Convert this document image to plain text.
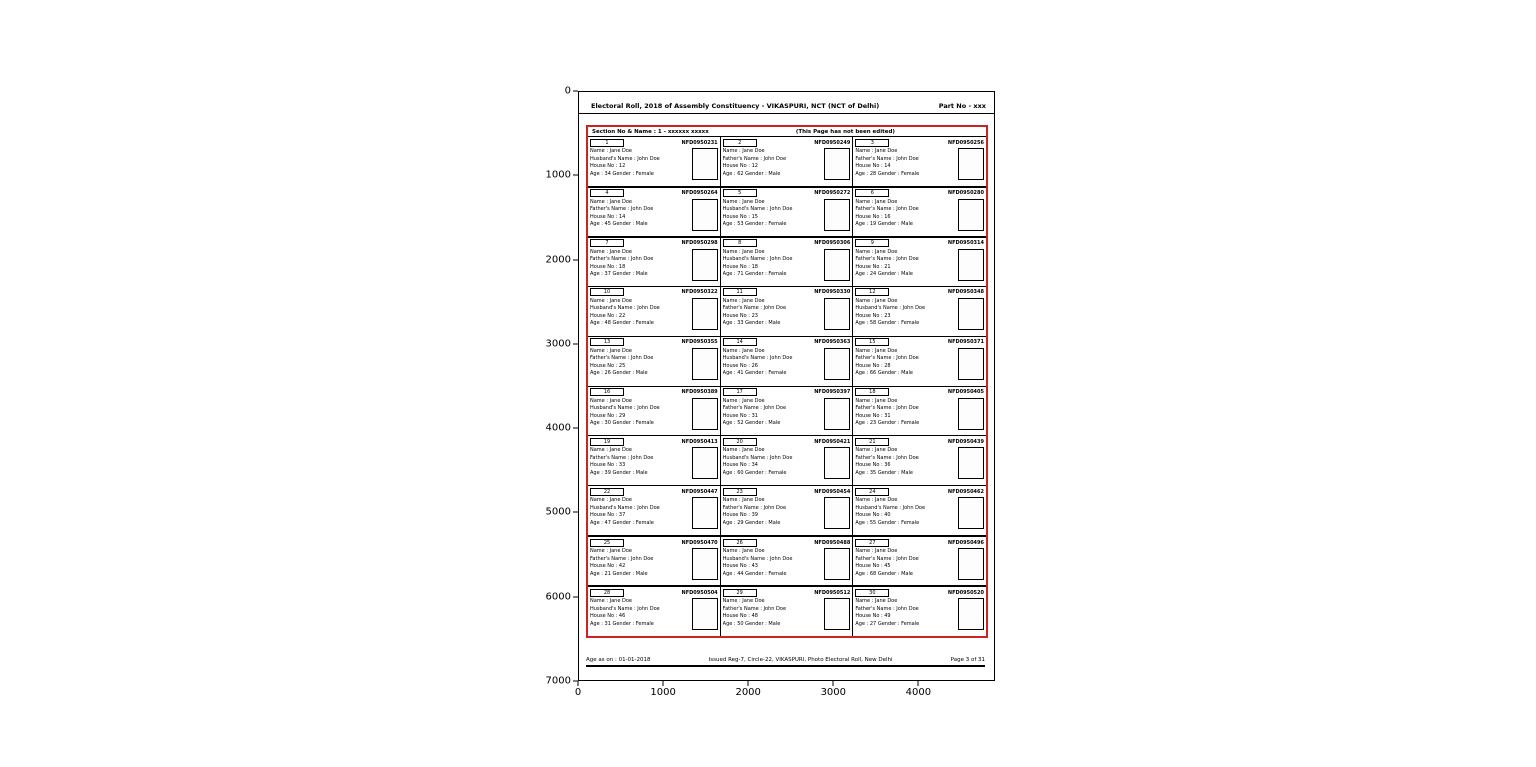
Electoral Roll, 2018 of Assembly Constituency - VIKASPURI, NCT (NCT of Delhi)	Part No - xxx
Section No & Name : 1 - xxxxxx xxxxx	(This Page has not been edited)
1	NFD0950231
Name : Jane Doe
Husband's Name : John Doe
House No : 12
Age : 34 Gender : Female
2	NFD0950249
Name : Jane Doe
Father's Name : John Doe
House No : 12
Age : 62 Gender : Male
3	NFD0950256
Name : Jane Doe
Father's Name : John Doe
House No : 14
Age : 28 Gender : Female
4	NFD0950264
Name : Jane Doe
Father's Name : John Doe
House No : 14
Age : 45 Gender : Male
5	NFD0950272
Name : Jane Doe
Husband's Name : John Doe
House No : 15
Age : 53 Gender : Female
6	NFD0950280
Name : Jane Doe
Father's Name : John Doe
House No : 16
Age : 19 Gender : Male
7	NFD0950298
Name : Jane Doe
Father's Name : John Doe
House No : 18
Age : 37 Gender : Male
8	NFD0950306
Name : Jane Doe
Husband's Name : John Doe
House No : 18
Age : 71 Gender : Female
9	NFD0950314
Name : Jane Doe
Father's Name : John Doe
House No : 21
Age : 24 Gender : Male
10	NFD0950322
Name : Jane Doe
Husband's Name : John Doe
House No : 22
Age : 48 Gender : Female
11	NFD0950330
Name : Jane Doe
Father's Name : John Doe
House No : 23
Age : 33 Gender : Male
12	NFD0950348
Name : Jane Doe
Husband's Name : John Doe
House No : 23
Age : 58 Gender : Female
13	NFD0950355
Name : Jane Doe
Father's Name : John Doe
House No : 25
Age : 26 Gender : Male
14	NFD0950363
Name : Jane Doe
Husband's Name : John Doe
House No : 26
Age : 41 Gender : Female
15	NFD0950371
Name : Jane Doe
Father's Name : John Doe
House No : 28
Age : 66 Gender : Male
16	NFD0950389
Name : Jane Doe
Husband's Name : John Doe
House No : 29
Age : 30 Gender : Female
17	NFD0950397
Name : Jane Doe
Father's Name : John Doe
House No : 31
Age : 52 Gender : Male
18	NFD0950405
Name : Jane Doe
Father's Name : John Doe
House No : 31
Age : 23 Gender : Female
19	NFD0950413
Name : Jane Doe
Father's Name : John Doe
House No : 33
Age : 39 Gender : Male
20	NFD0950421
Name : Jane Doe
Husband's Name : John Doe
House No : 34
Age : 60 Gender : Female
21	NFD0950439
Name : Jane Doe
Father's Name : John Doe
House No : 36
Age : 35 Gender : Male
22	NFD0950447
Name : Jane Doe
Husband's Name : John Doe
House No : 37
Age : 47 Gender : Female
23	NFD0950454
Name : Jane Doe
Father's Name : John Doe
House No : 39
Age : 29 Gender : Male
24	NFD0950462
Name : Jane Doe
Husband's Name : John Doe
House No : 40
Age : 55 Gender : Female
25	NFD0950470
Name : Jane Doe
Father's Name : John Doe
House No : 42
Age : 21 Gender : Male
26	NFD0950488
Name : Jane Doe
Husband's Name : John Doe
House No : 43
Age : 44 Gender : Female
27	NFD0950496
Name : Jane Doe
Father's Name : John Doe
House No : 45
Age : 68 Gender : Male
28	NFD0950504
Name : Jane Doe
Husband's Name : John Doe
House No : 46
Age : 31 Gender : Female
29	NFD0950512
Name : Jane Doe
Father's Name : John Doe
House No : 48
Age : 50 Gender : Male
30	NFD0950520
Name : Jane Doe
Father's Name : John Doe
House No : 49
Age : 27 Gender : Female
Age as on : 01-01-2018	Issued Reg-7, Circle-22, VIKASPURI, Photo Electoral Roll, New Delhi	Page 3 of 31
0
1000
2000
3000
4000
5000
6000
7000
0	1000	2000	3000	4000
